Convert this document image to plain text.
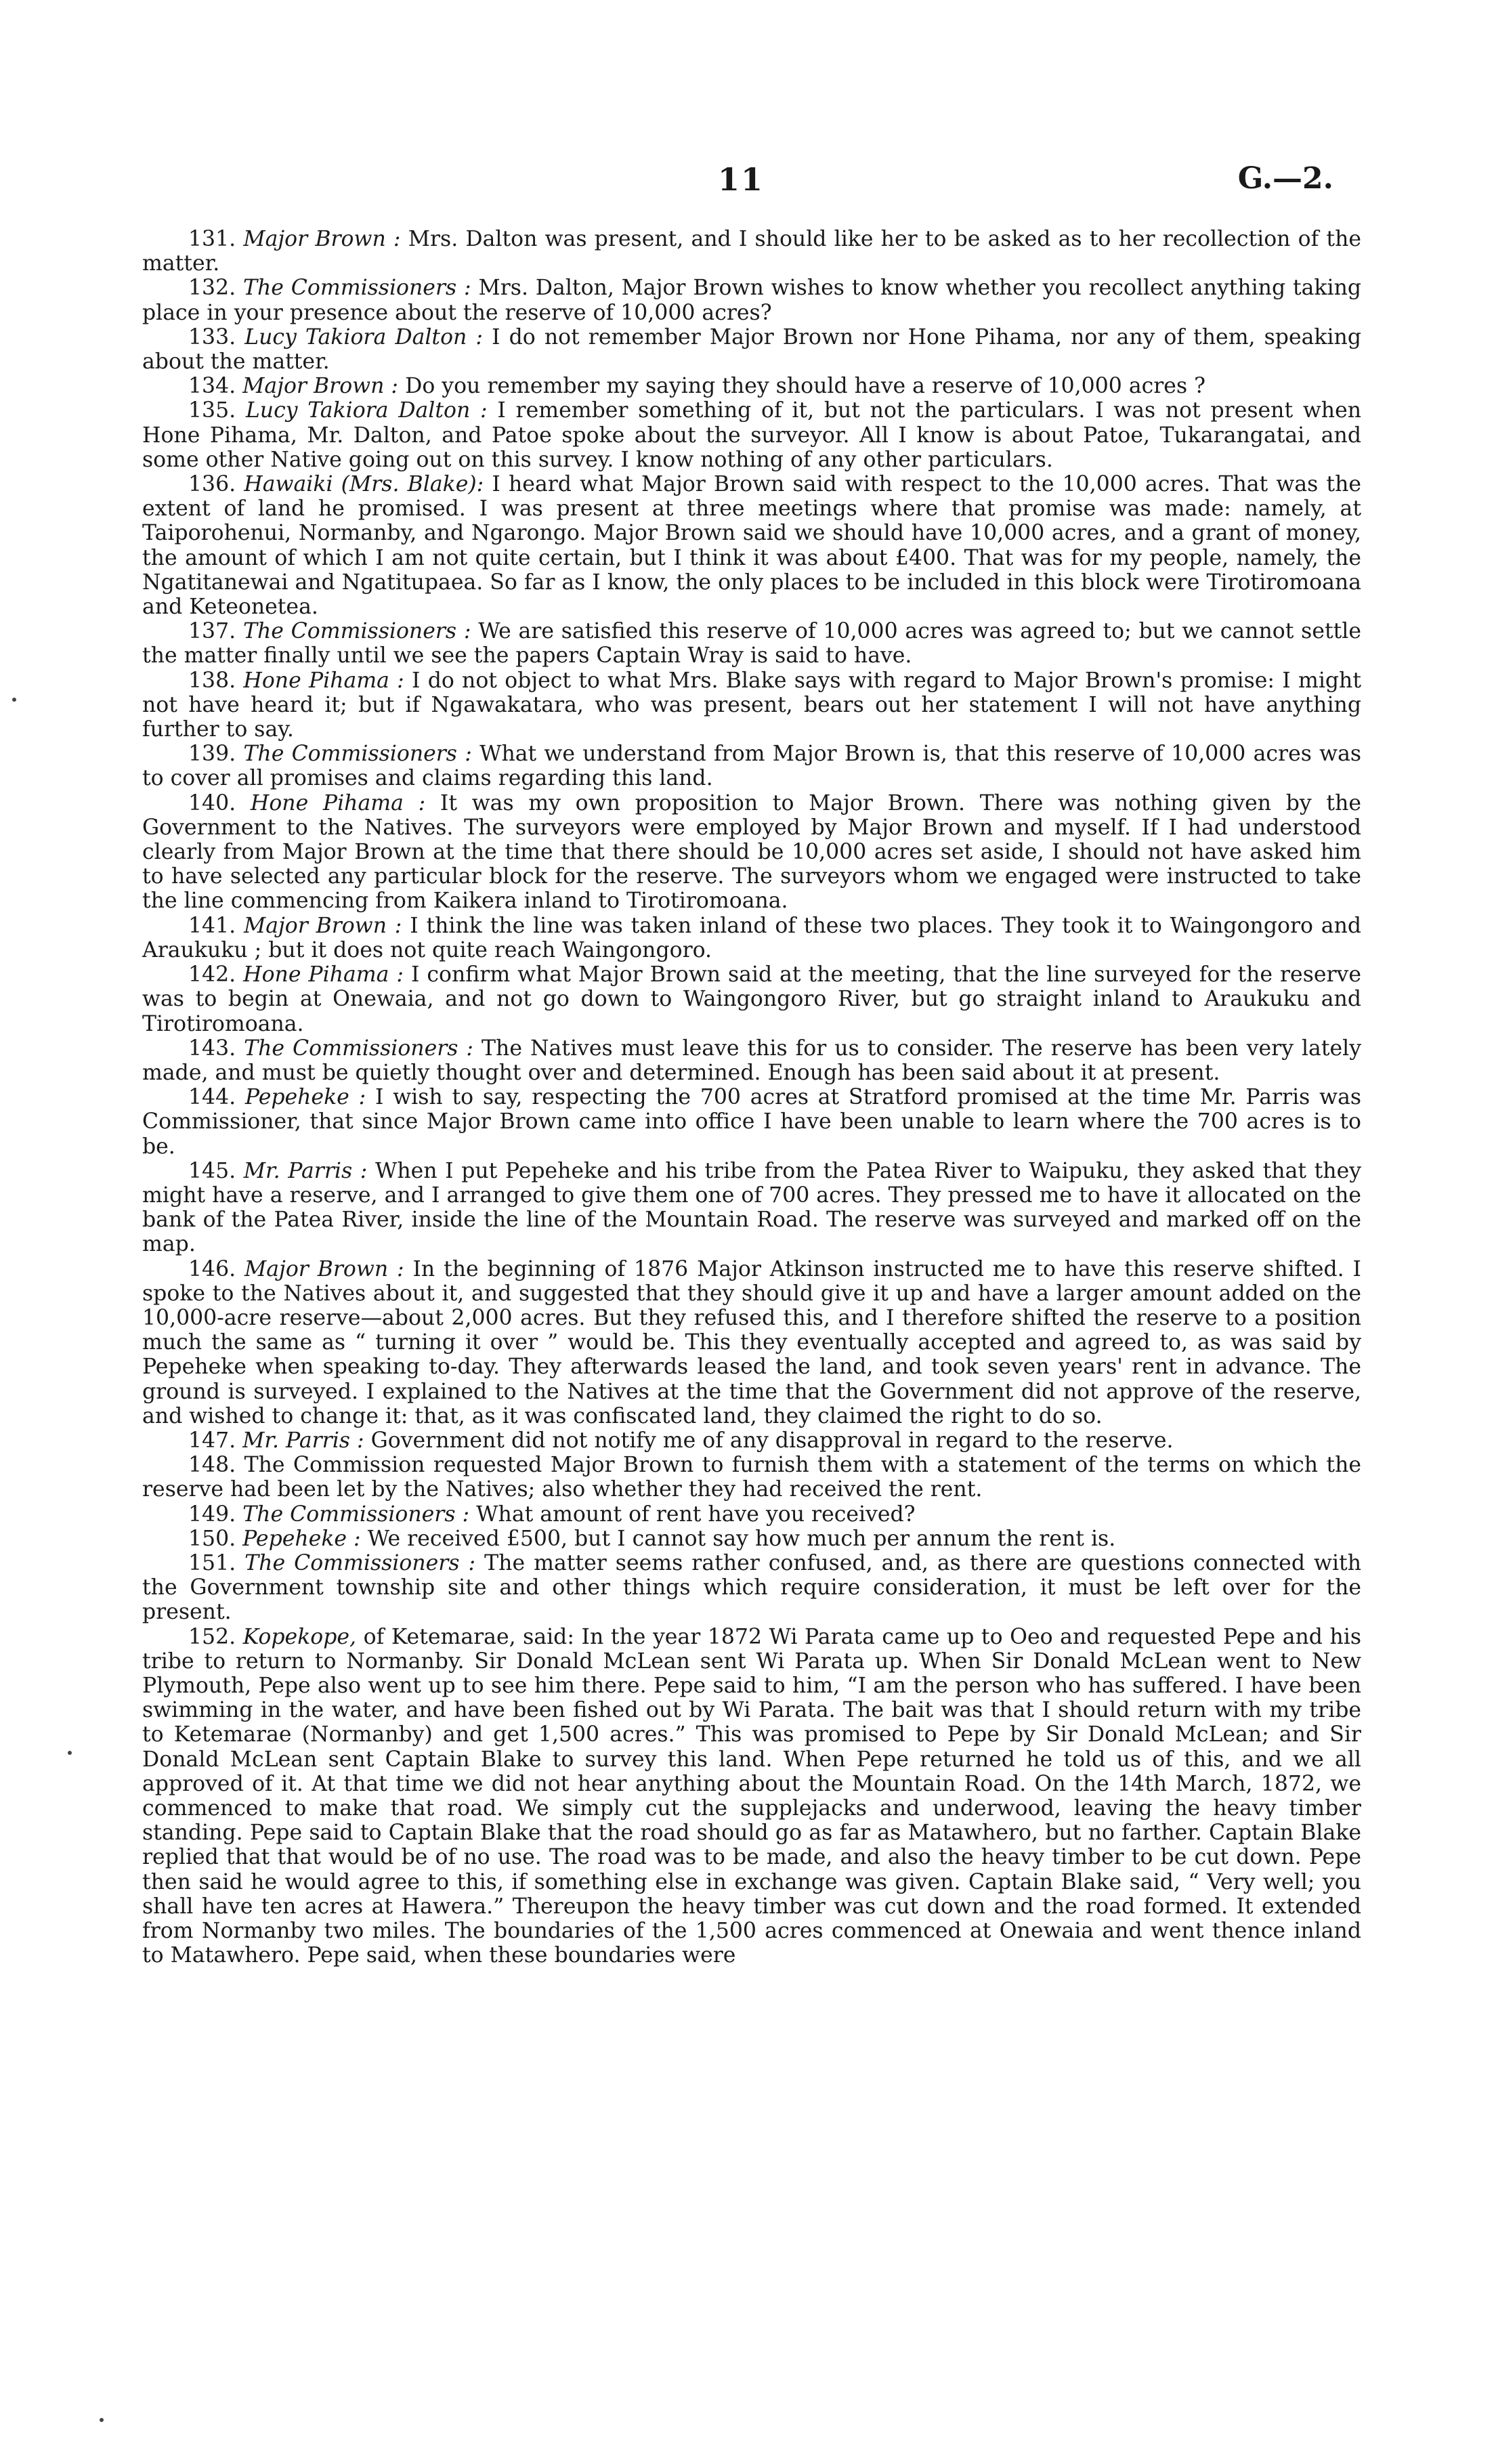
11	G.—2.

131. Major Brown : Mrs. Dalton was present, and I should like her to be asked as to her recollection of the matter.

132. The Commissioners : Mrs. Dalton, Major Brown wishes to know whether you recollect anything taking place in your presence about the reserve of 10,000 acres?

133. Lucy Takiora Dalton : I do not remember Major Brown nor Hone Pihama, nor any of them, speaking about the matter.

134. Major Brown : Do you remember my saying they should have a reserve of 10,000 acres ?

135. Lucy Takiora Dalton : I remember something of it, but not the particulars. I was not present when Hone Pihama, Mr. Dalton, and Patoe spoke about the surveyor. All I know is about Patoe, Tukarangatai, and some other Native going out on this survey. I know nothing of any other particulars.

136. Hawaiki (Mrs. Blake): I heard what Major Brown said with respect to the 10,000 acres. That was the extent of land he promised. I was present at three meetings where that promise was made: namely, at Taiporohenui, Normanby, and Ngarongo. Major Brown said we should have 10,000 acres, and a grant of money, the amount of which I am not quite certain, but I think it was about £400. That was for my people, namely, the Ngatitanewai and Ngatitupaea. So far as I know, the only places to be included in this block were Tirotiromoana and Keteonetea.

137. The Commissioners : We are satisfied this reserve of 10,000 acres was agreed to; but we cannot settle the matter finally until we see the papers Captain Wray is said to have.

138. Hone Pihama : I do not object to what Mrs. Blake says with regard to Major Brown's promise: I might not have heard it; but if Ngawakatara, who was present, bears out her statement I will not have anything further to say.

139. The Commissioners : What we understand from Major Brown is, that this reserve of 10,000 acres was to cover all promises and claims regarding this land.

140. Hone Pihama : It was my own proposition to Major Brown. There was nothing given by the Government to the Natives. The surveyors were employed by Major Brown and myself. If I had understood clearly from Major Brown at the time that there should be 10,000 acres set aside, I should not have asked him to have selected any particular block for the reserve. The surveyors whom we engaged were instructed to take the line commencing from Kaikera inland to Tirotiromoana.

141. Major Brown : I think the line was taken inland of these two places. They took it to Waingongoro and Araukuku ; but it does not quite reach Waingongoro.

142. Hone Pihama : I confirm what Major Brown said at the meeting, that the line surveyed for the reserve was to begin at Onewaia, and not go down to Waingongoro River, but go straight inland to Araukuku and Tirotiromoana.

143. The Commissioners : The Natives must leave this for us to consider. The reserve has been very lately made, and must be quietly thought over and determined. Enough has been said about it at present.

144. Pepeheke : I wish to say, respecting the 700 acres at Stratford promised at the time Mr. Parris was Commissioner, that since Major Brown came into office I have been unable to learn where the 700 acres is to be.

145. Mr. Parris : When I put Pepeheke and his tribe from the Patea River to Waipuku, they asked that they might have a reserve, and I arranged to give them one of 700 acres. They pressed me to have it allocated on the bank of the Patea River, inside the line of the Mountain Road. The reserve was surveyed and marked off on the map.

146. Major Brown : In the beginning of 1876 Major Atkinson instructed me to have this reserve shifted. I spoke to the Natives about it, and suggested that they should give it up and have a larger amount added on the 10,000-acre reserve—about 2,000 acres. But they refused this, and I therefore shifted the reserve to a position much the same as “ turning it over ” would be. This they eventually accepted and agreed to, as was said by Pepeheke when speaking to-day. They afterwards leased the land, and took seven years' rent in advance. The ground is surveyed. I explained to the Natives at the time that the Government did not approve of the reserve, and wished to change it: that, as it was confiscated land, they claimed the right to do so.

147. Mr. Parris : Government did not notify me of any disapproval in regard to the reserve.

148. The Commission requested Major Brown to furnish them with a statement of the terms on which the reserve had been let by the Natives; also whether they had received the rent.

149. The Commissioners : What amount of rent have you received?

150. Pepeheke : We received £500, but I cannot say how much per annum the rent is.

151. The Commissioners : The matter seems rather confused, and, as there are questions connected with the Government township site and other things which require consideration, it must be left over for the present.

152. Kopekope, of Ketemarae, said: In the year 1872 Wi Parata came up to Oeo and requested Pepe and his tribe to return to Normanby. Sir Donald McLean sent Wi Parata up. When Sir Donald McLean went to New Plymouth, Pepe also went up to see him there. Pepe said to him, “I am the person who has suffered. I have been swimming in the water, and have been fished out by Wi Parata. The bait was that I should return with my tribe to Ketemarae (Normanby) and get 1,500 acres.” This was promised to Pepe by Sir Donald McLean; and Sir Donald McLean sent Captain Blake to survey this land. When Pepe returned he told us of this, and we all approved of it. At that time we did not hear anything about the Mountain Road. On the 14th March, 1872, we commenced to make that road. We simply cut the supplejacks and underwood, leaving the heavy timber standing. Pepe said to Captain Blake that the road should go as far as Matawhero, but no farther. Captain Blake replied that that would be of no use. The road was to be made, and also the heavy timber to be cut down. Pepe then said he would agree to this, if something else in exchange was given. Captain Blake said, “ Very well; you shall have ten acres at Hawera.” Thereupon the heavy timber was cut down and the road formed. It extended from Normanby two miles. The boundaries of the 1,500 acres commenced at Onewaia and went thence inland to Matawhero. Pepe said, when these boundaries were
